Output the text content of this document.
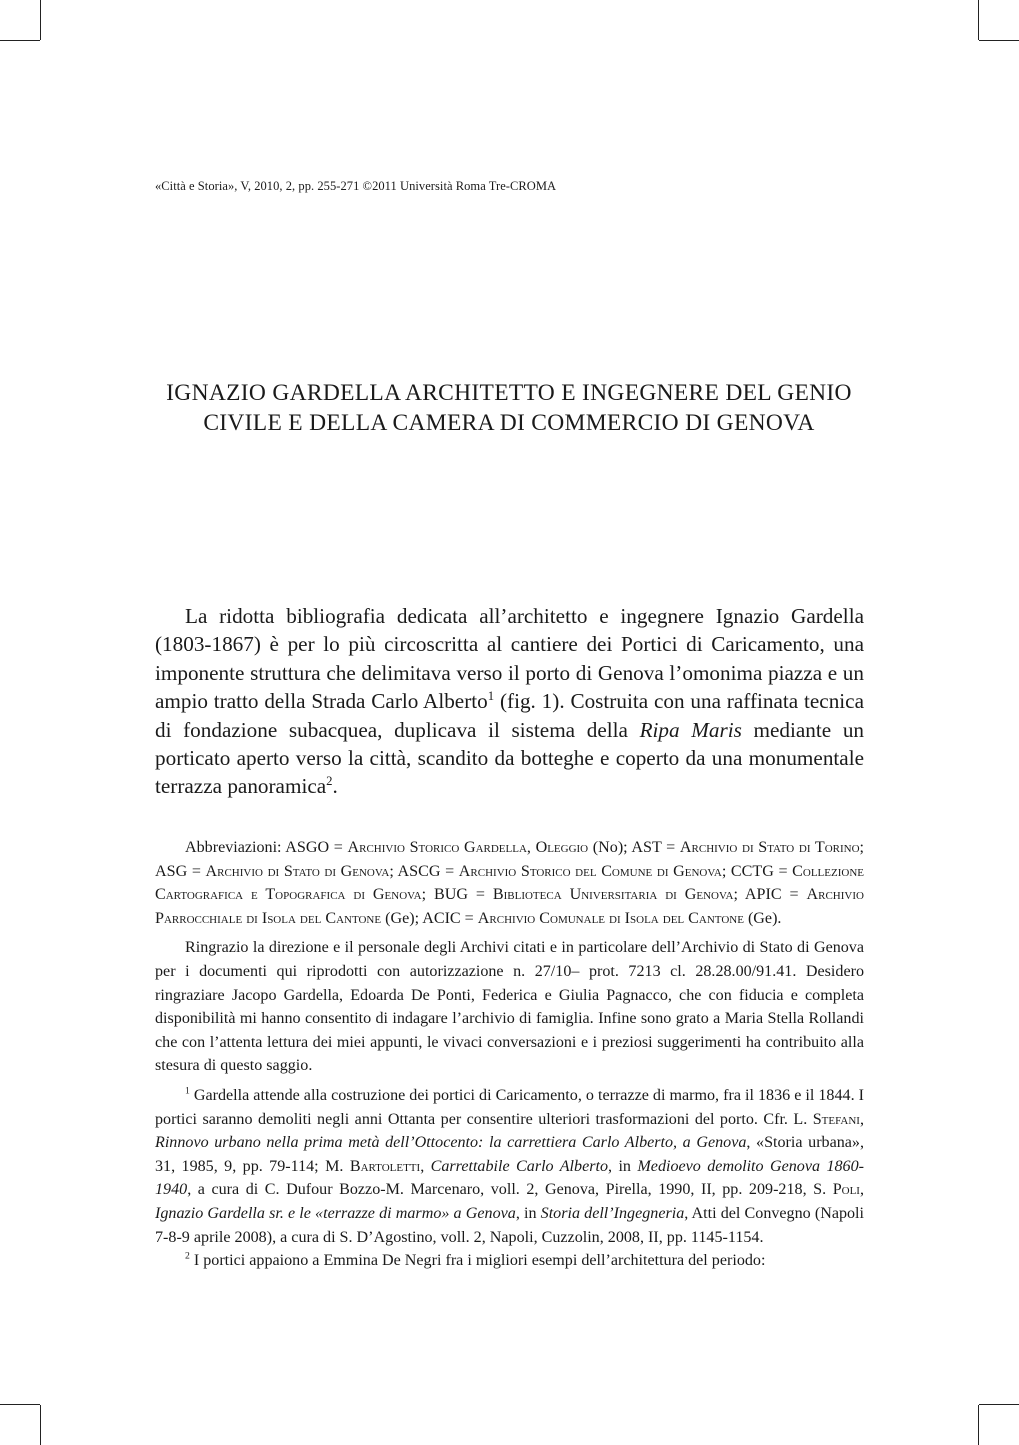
«Città e Storia», V, 2010, 2, pp. 255-271 ©2011 Università Roma Tre-CROMA
IGNAZIO GARDELLA ARCHITETTO E INGEGNERE DEL GENIO
CIVILE E DELLA CAMERA DI COMMERCIO DI GENOVA

La ridotta bibliografia dedicata all’architetto e ingegnere Ignazio Gardella (1803-1867) è per lo più circoscritta al cantiere dei Portici di Caricamento, una imponente struttura che delimitava verso il porto di Genova l’omonima piazza e un ampio tratto della Strada Carlo Alberto$^1$ (fig. 1). Costruita con una raffinata tecnica di fondazione subacquea, duplicava il sistema della Ripa Maris mediante un porticato aperto verso la città, scandito da botteghe e coperto da una monumentale terrazza panoramica$^2$.

Abbreviazioni: ASGO = Archivio Storico Gardella, Oleggio (No); AST = Archivio di Stato di Torino; ASG = Archivio di Stato di Genova; ASCG = Archivio Storico del Comune di Genova; CCTG = Collezione Cartografica e Topografica di Genova; BUG = Biblioteca Universitaria di Genova; APIC = Archivio Parrocchiale di Isola del Cantone (Ge); ACIC = Archivio Comunale di Isola del Cantone (Ge).

Ringrazio la direzione e il personale degli Archivi citati e in particolare dell’Archivio di Stato di Genova per i documenti qui riprodotti con autorizzazione n. 27/10– prot. 7213 cl. 28.28.00/91.41. Desidero ringraziare Jacopo Gardella, Edoarda De Ponti, Federica e Giulia Pagnacco, che con fiducia e completa disponibilità mi hanno consentito di indagare l’archivio di famiglia. Infine sono grato a Maria Stella Rollandi che con l’attenta lettura dei miei appunti, le vivaci conversazioni e i preziosi suggerimenti ha contribuito alla stesura di questo saggio.

$^1$ Gardella attende alla costruzione dei portici di Caricamento, o terrazze di marmo, fra il 1836 e il 1844. I portici saranno demoliti negli anni Ottanta per consentire ulteriori trasformazioni del porto. Cfr. L. Stefani, Rinnovo urbano nella prima metà dell’Ottocento: la carrettiera Carlo Alberto, a Genova, «Storia urbana», 31, 1985, 9, pp. 79-114; M. Bartoletti, Carrettabile Carlo Alberto, in Medioevo demolito Genova 1860-1940, a cura di C. Dufour Bozzo-M. Marcenaro, voll. 2, Genova, Pirella, 1990, II, pp. 209-218, S. Poli, Ignazio Gardella sr. e le «terrazze di marmo» a Genova, in Storia dell’Ingegneria, Atti del Convegno (Napoli 7-8-9 aprile 2008), a cura di S. D’Agostino, voll. 2, Napoli, Cuzzolin, 2008, II, pp. 1145-1154.

$^2$ I portici appaiono a Emmina De Negri fra i migliori esempi dell’architettura del periodo:
